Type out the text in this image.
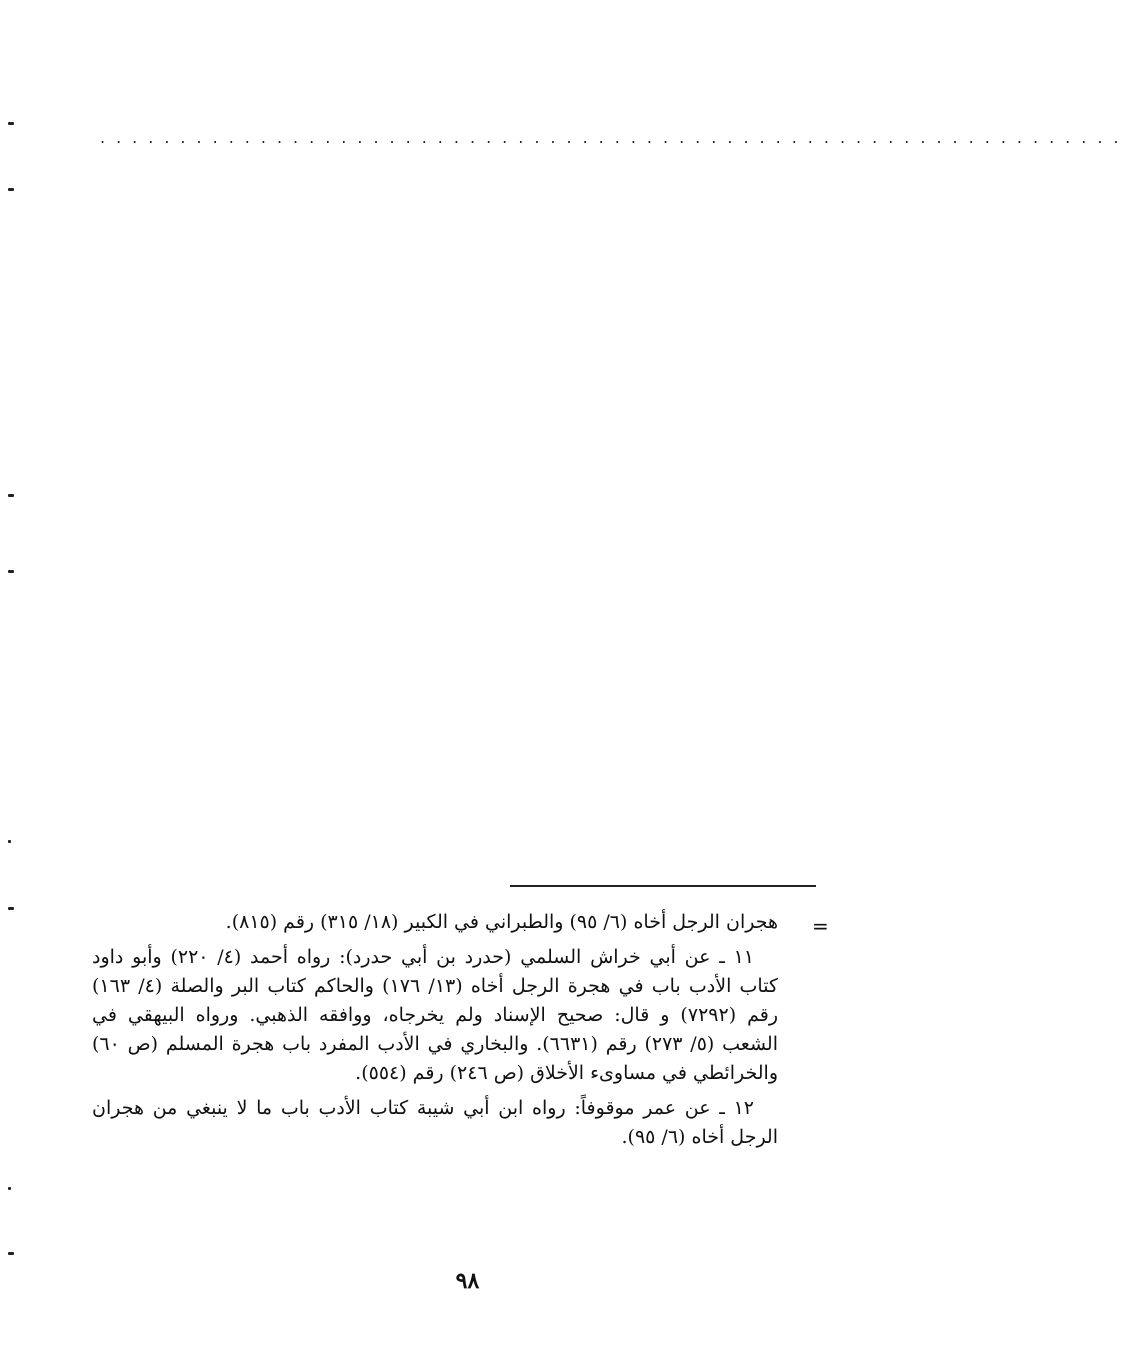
................................................................
=

هجران الرجل أخاه (٦/ ٩٥) والطبراني في الكبير (١٨/ ٣١٥) رقم (٨١٥).

١١ ـ عن أبي خراش السلمي (حدرد بن أبي حدرد): رواه أحمد (٤/ ٢٢٠) وأبو داود كتاب الأدب باب في هجرة الرجل أخاه (١٣/ ١٧٦) والحاكم كتاب البر والصلة (٤/ ١٦٣) رقم (٧٢٩٢) و قال: صحيح الإسناد ولم يخرجاه، ووافقه الذهبي. ورواه البيهقي في الشعب (٥/ ٢٧٣) رقم (٦٦٣١). والبخاري في الأدب المفرد باب هجرة المسلم (ص ٦٠) والخرائطي في مساوىء الأخلاق (ص ٢٤٦) رقم (٥٥٤).

١٢ ـ عن عمر موقوفاً: رواه ابن أبي شيبة كتاب الأدب باب ما لا ينبغي من هجران الرجل أخاه (٦/ ٩٥).

٩٨
